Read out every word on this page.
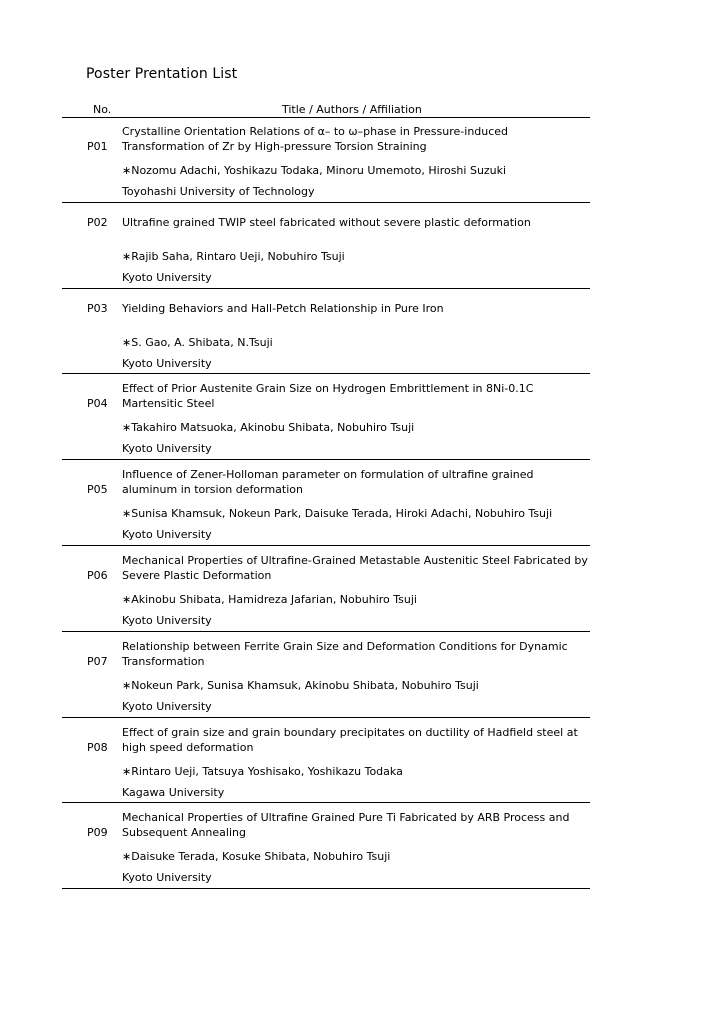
Poster Prentation List
No.	Title / Authors / Affiliation
P01
Crystalline Orientation Relations of α– to ω–phase in Pressure-induced Transformation of Zr by High-pressure Torsion Straining
∗Nozomu Adachi, Yoshikazu Todaka, Minoru Umemoto, Hiroshi Suzuki
Toyohashi University of Technology
P02 Ultrafine grained TWIP steel fabricated without severe plastic deformation
∗Rajib Saha, Rintaro Ueji, Nobuhiro Tsuji
Kyoto University
P03 Yielding Behaviors and Hall-Petch Relationship in Pure Iron
∗S. Gao, A. Shibata, N.Tsuji
Kyoto University
P04
Effect of Prior Austenite Grain Size on Hydrogen Embrittlement in 8Ni-0.1C Martensitic Steel
∗Takahiro Matsuoka, Akinobu Shibata, Nobuhiro Tsuji
Kyoto University
P05
Influence of Zener-Holloman parameter on formulation of ultrafine grained aluminum in torsion deformation
∗Sunisa Khamsuk, Nokeun Park, Daisuke Terada, Hiroki Adachi, Nobuhiro Tsuji
Kyoto University
P06
Mechanical Properties of Ultrafine-Grained Metastable Austenitic Steel Fabricated by Severe Plastic Deformation
∗Akinobu Shibata, Hamidreza Jafarian, Nobuhiro Tsuji
Kyoto University
P07
Relationship between Ferrite Grain Size and Deformation Conditions for Dynamic Transformation
∗Nokeun Park, Sunisa Khamsuk, Akinobu Shibata, Nobuhiro Tsuji
Kyoto University
P08
Effect of grain size and grain boundary precipitates on ductility of Hadfield steel at high speed deformation
∗Rintaro Ueji, Tatsuya Yoshisako, Yoshikazu Todaka
Kagawa University
P09
Mechanical Properties of Ultrafine Grained Pure Ti Fabricated by ARB Process and Subsequent Annealing
∗Daisuke Terada, Kosuke Shibata, Nobuhiro Tsuji
Kyoto University
